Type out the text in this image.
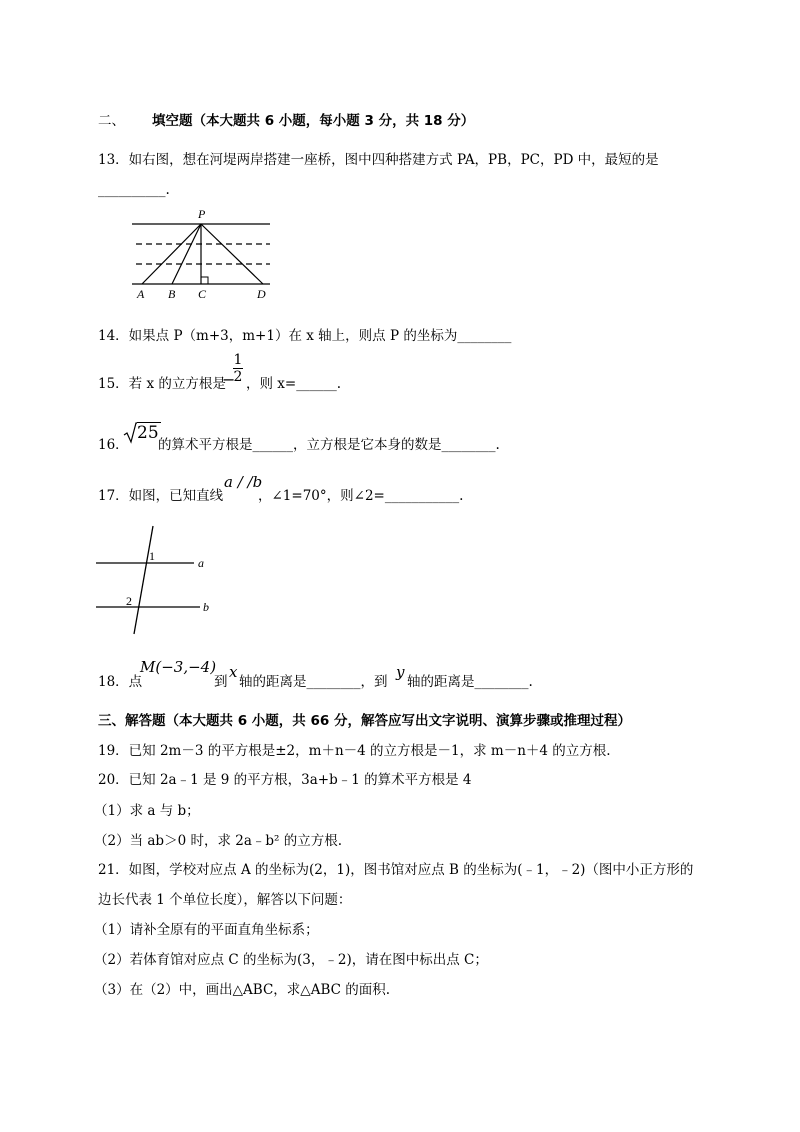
二、 填空题（本大题共 6 小题，每小题 3 分，共 18 分）
13．如右图，想在河堤两岸搭建一座桥，图中四种搭建方式 PA，PB，PC，PD 中，最短的是
__________.
P
A B C	D
14．如果点 P（m+3，m+1）在 x 轴上，则点 P 的坐标为________
15．若 x 的立方根是
−
1
2 ，则 x=______.
16．
25
的算术平方根是______，立方根是它本身的数是________.
17．如图，已知直线
a / /b
，∠1=70°，则∠2=___________.
1
2
a
b
18．点
M(−3,−4)
到
x
轴的距离是________，到
y
轴的距离是________.
三、解答题（本大题共 6 小题，共 66 分，解答应写出文字说明、演算步骤或推理过程）
19．已知 2m－3 的平方根是±2，m＋n－4 的立方根是－1，求 m－n＋4 的立方根.
20．已知 2a﹣1 是 9 的平方根，3a+b﹣1 的算术平方根是 4
（1）求 a 与 b；
（2）当 ab＞0 时，求 2a﹣b² 的立方根.
21．如图，学校对应点 A 的坐标为(2，1)，图书馆对应点 B 的坐标为(﹣1，﹣2)（图中小正方形的
边长代表 1 个单位长度），解答以下问题：
（1）请补全原有的平面直角坐标系；
（2）若体育馆对应点 C 的坐标为(3，﹣2)，请在图中标出点 C；
（3）在（2）中，画出△ABC，求△ABC 的面积.
